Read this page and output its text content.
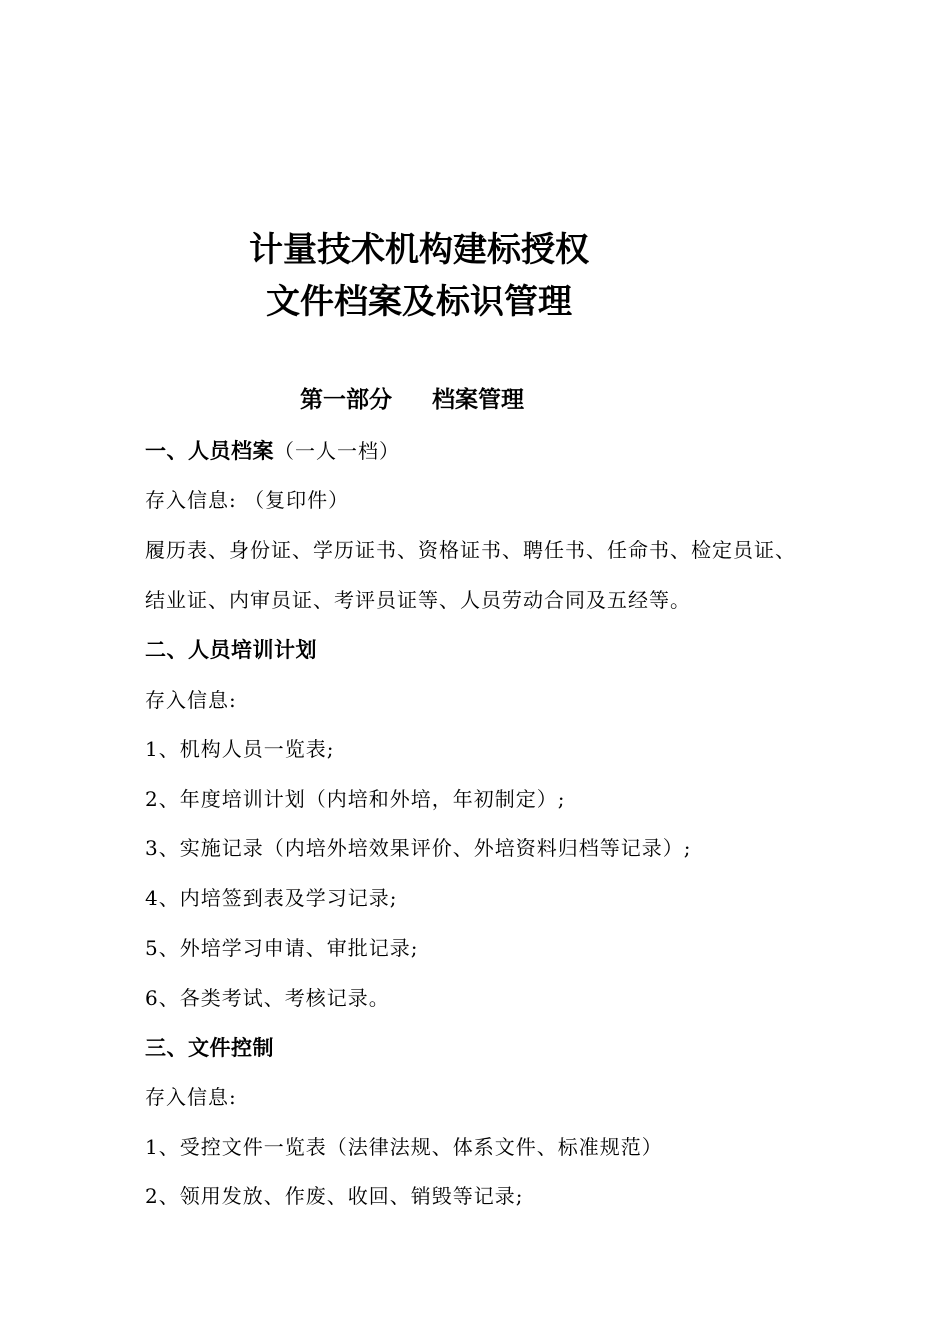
计量技术机构建标授权
文件档案及标识管理
第一部分 档案管理
一、人员档案（一人一档）
存入信息: （复印件）
履历表、身份证、学历证书、资格证书、聘任书、任命书、检定员证、
结业证、内审员证、考评员证等、人员劳动合同及五经等。
二、人员培训计划
存入信息:
1、机构人员一览表;
2、年度培训计划（内培和外培，年初制定）;
3、实施记录（内培外培效果评价、外培资料归档等记录）;
4、内培签到表及学习记录;
5、外培学习申请、审批记录;
6、各类考试、考核记录。
三、文件控制
存入信息:
1、受控文件一览表（法律法规、体系文件、标准规范）
2、领用发放、作废、收回、销毁等记录;
